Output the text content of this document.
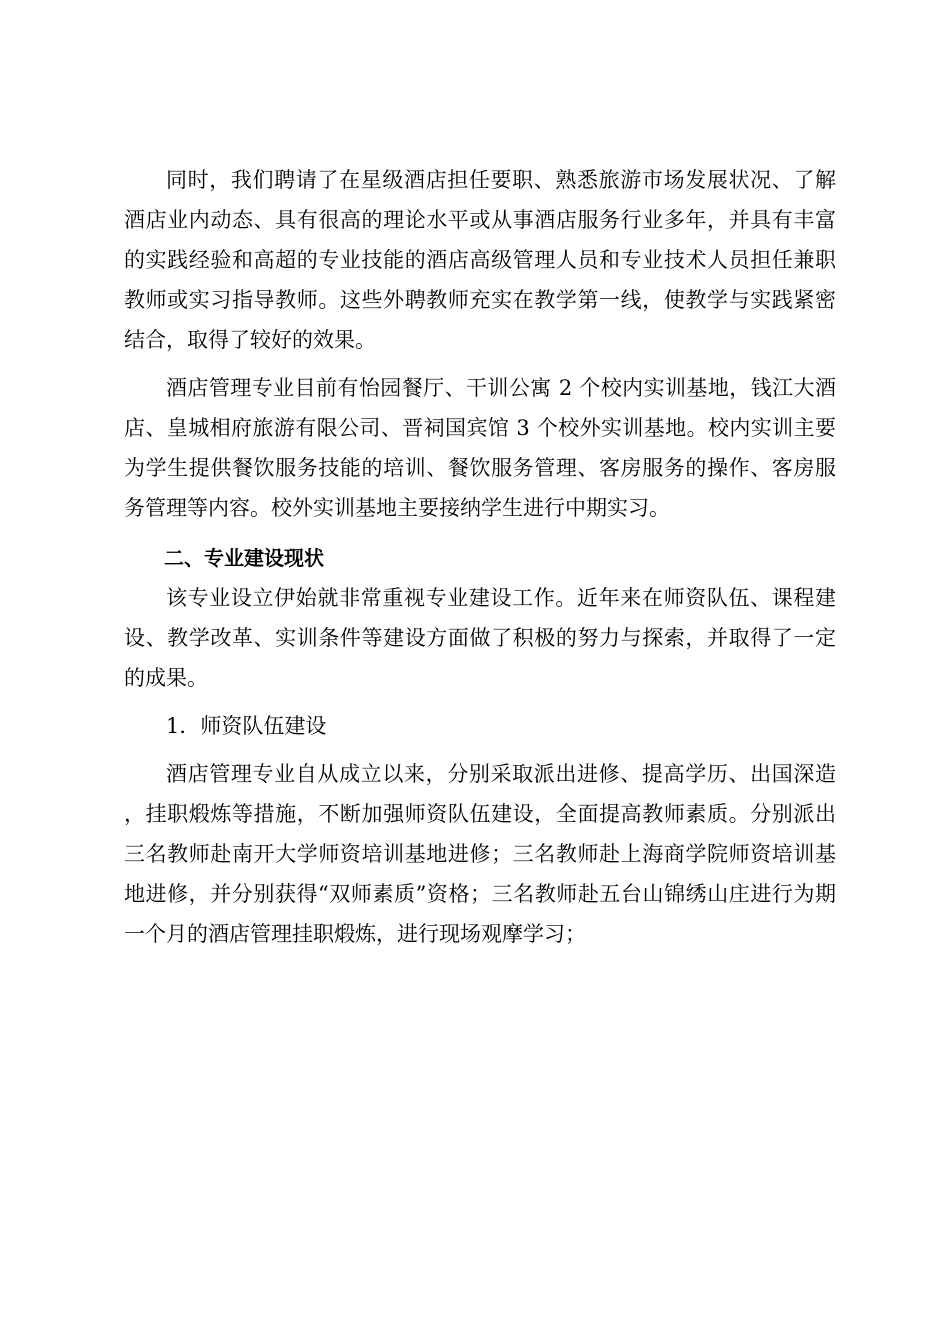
同时，我们聘请了在星级酒店担任要职、熟悉旅游市场发展状况、了解酒店业内动态、具有很高的理论水平或从事酒店服务行业多年，并具有丰富的实践经验和高超的专业技能的酒店高级管理人员和专业技术人员担任兼职教师或实习指导教师。这些外聘教师充实在教学第一线，使教学与实践紧密结合，取得了较好的效果。

酒店管理专业目前有怡园餐厅、干训公寓 2 个校内实训基地，钱江大酒店、皇城相府旅游有限公司、晋祠国宾馆 3 个校外实训基地。校内实训主要为学生提供餐饮服务技能的培训、餐饮服务管理、客房服务的操作、客房服务管理等内容。校外实训基地主要接纳学生进行中期实习。

二、专业建设现状

该专业设立伊始就非常重视专业建设工作。近年来在师资队伍、课程建设、教学改革、实训条件等建设方面做了积极的努力与探索，并取得了一定的成果。

1．师资队伍建设

酒店管理专业自从成立以来，分别采取派出进修、提高学历、出国深造，挂职煅炼等措施，不断加强师资队伍建设，全面提高教师素质。分别派出三名教师赴南开大学师资培训基地进修；三名教师赴上海商学院师资培训基地进修，并分别获得“双师素质”资格；三名教师赴五台山锦绣山庄进行为期一个月的酒店管理挂职煅炼，进行现场观摩学习；
